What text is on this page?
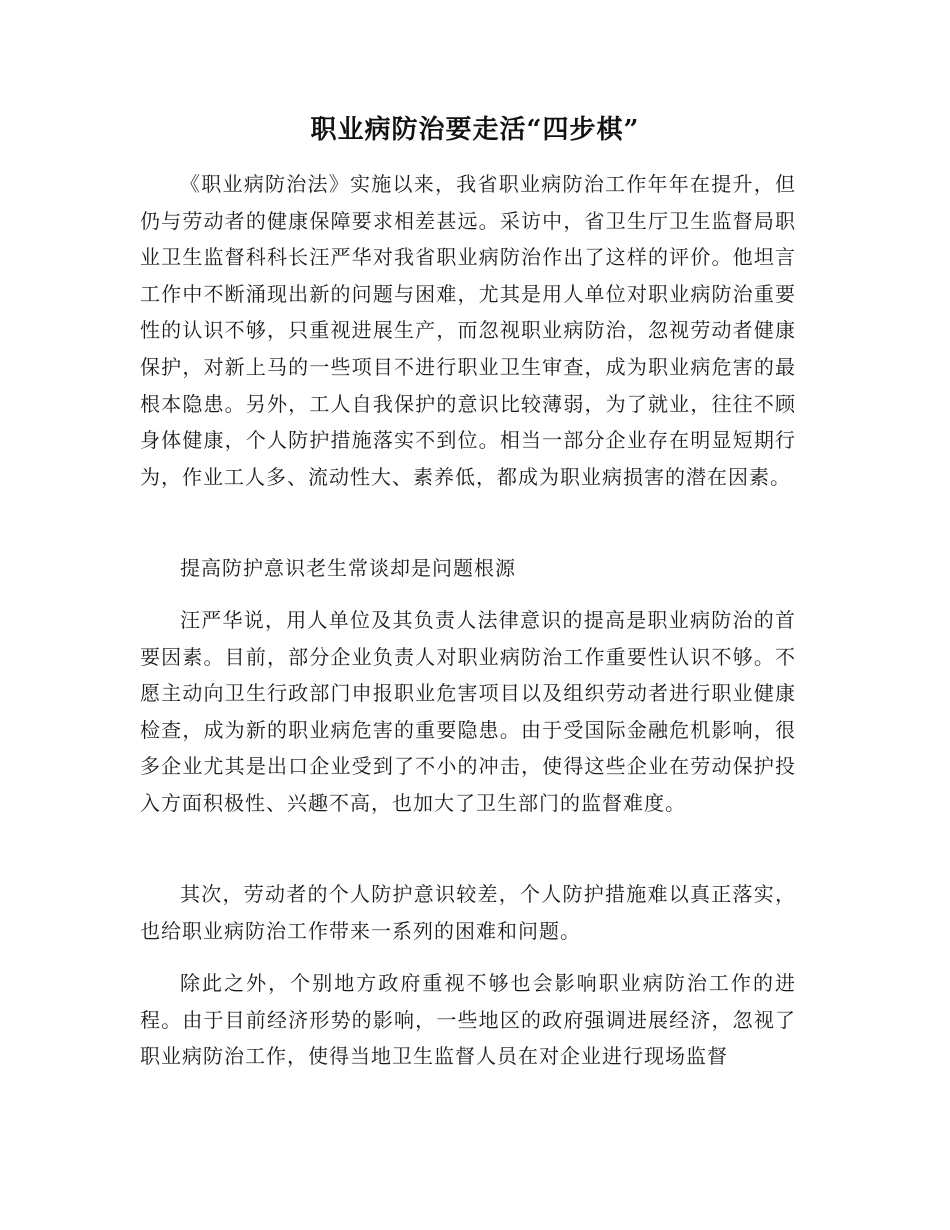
职业病防治要走活“四步棋”

《职业病防治法》实施以来，我省职业病防治工作年年在提升，但仍与劳动者的健康保障要求相差甚远。采访中，省卫生厅卫生监督局职业卫生监督科科长汪严华对我省职业病防治作出了这样的评价。他坦言工作中不断涌现出新的问题与困难，尤其是用人单位对职业病防治重要性的认识不够，只重视进展生产，而忽视职业病防治，忽视劳动者健康保护，对新上马的一些项目不进行职业卫生审查，成为职业病危害的最根本隐患。另外，工人自我保护的意识比较薄弱，为了就业，往往不顾身体健康，个人防护措施落实不到位。相当一部分企业存在明显短期行为，作业工人多、流动性大、素养低，都成为职业病损害的潜在因素。

提高防护意识老生常谈却是问题根源

汪严华说，用人单位及其负责人法律意识的提高是职业病防治的首要因素。目前，部分企业负责人对职业病防治工作重要性认识不够。不愿主动向卫生行政部门申报职业危害项目以及组织劳动者进行职业健康检查，成为新的职业病危害的重要隐患。由于受国际金融危机影响，很多企业尤其是出口企业受到了不小的冲击，使得这些企业在劳动保护投入方面积极性、兴趣不高，也加大了卫生部门的监督难度。

其次，劳动者的个人防护意识较差，个人防护措施难以真正落实，也给职业病防治工作带来一系列的困难和问题。

除此之外，个别地方政府重视不够也会影响职业病防治工作的进程。由于目前经济形势的影响，一些地区的政府强调进展经济，忽视了职业病防治工作，使得当地卫生监督人员在对企业进行现场监督
